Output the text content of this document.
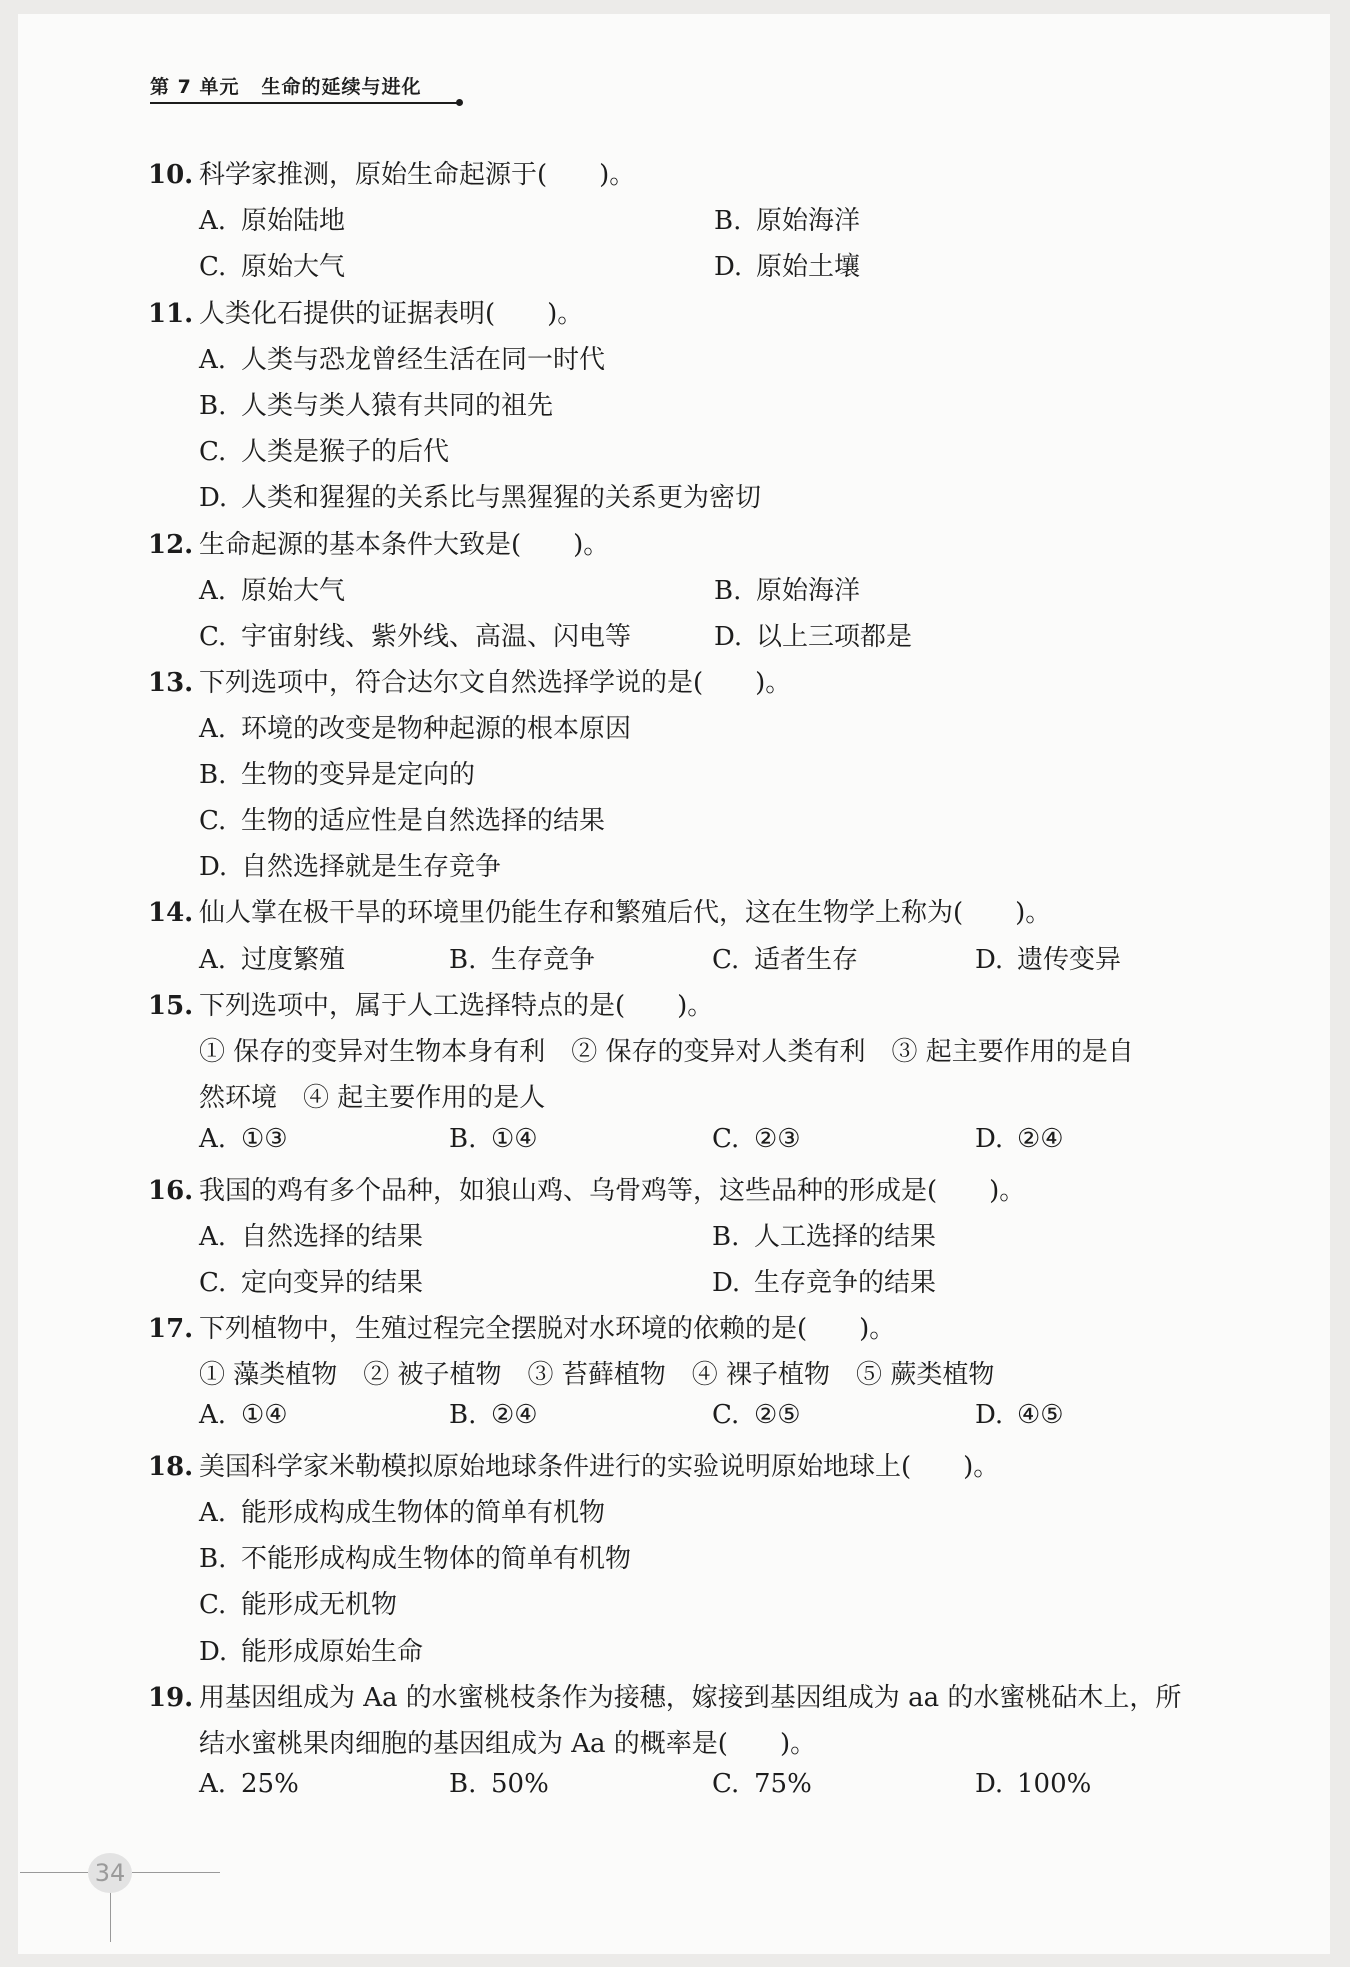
第 7 单元 生命的延续与进化
10. 科学家推测，原始生命起源于(　　)。
A. 原始陆地	B. 原始海洋
C. 原始大气	D. 原始土壤
11. 人类化石提供的证据表明(　　)。
A. 人类与恐龙曾经生活在同一时代
B. 人类与类人猿有共同的祖先
C. 人类是猴子的后代
D. 人类和猩猩的关系比与黑猩猩的关系更为密切
12. 生命起源的基本条件大致是(　　)。
A. 原始大气	B. 原始海洋
C. 宇宙射线、紫外线、高温、闪电等	D. 以上三项都是
13. 下列选项中，符合达尔文自然选择学说的是(　　)。
A. 环境的改变是物种起源的根本原因
B. 生物的变异是定向的
C. 生物的适应性是自然选择的结果
D. 自然选择就是生存竞争
14. 仙人掌在极干旱的环境里仍能生存和繁殖后代，这在生物学上称为(　　)。
A. 过度繁殖	B. 生存竞争	C. 适者生存	D. 遗传变异
15. 下列选项中，属于人工选择特点的是(　　)。
① 保存的变异对生物本身有利　② 保存的变异对人类有利　③ 起主要作用的是自
然环境　④ 起主要作用的是人
A. ①③	B. ①④	C. ②③	D. ②④
16. 我国的鸡有多个品种，如狼山鸡、乌骨鸡等，这些品种的形成是(　　)。
A. 自然选择的结果	B. 人工选择的结果
C. 定向变异的结果	D. 生存竞争的结果
17. 下列植物中，生殖过程完全摆脱对水环境的依赖的是(　　)。
① 藻类植物　② 被子植物　③ 苔藓植物　④ 裸子植物　⑤ 蕨类植物
A. ①④	B. ②④	C. ②⑤	D. ④⑤
18. 美国科学家米勒模拟原始地球条件进行的实验说明原始地球上(　　)。
A. 能形成构成生物体的简单有机物
B. 不能形成构成生物体的简单有机物
C. 能形成无机物
D. 能形成原始生命
19. 用基因组成为 Aa 的水蜜桃枝条作为接穗，嫁接到基因组成为 aa 的水蜜桃砧木上，所
结水蜜桃果肉细胞的基因组成为 Aa 的概率是(　　)。
A. 25%	B. 50%	C. 75%	D. 100%
34
